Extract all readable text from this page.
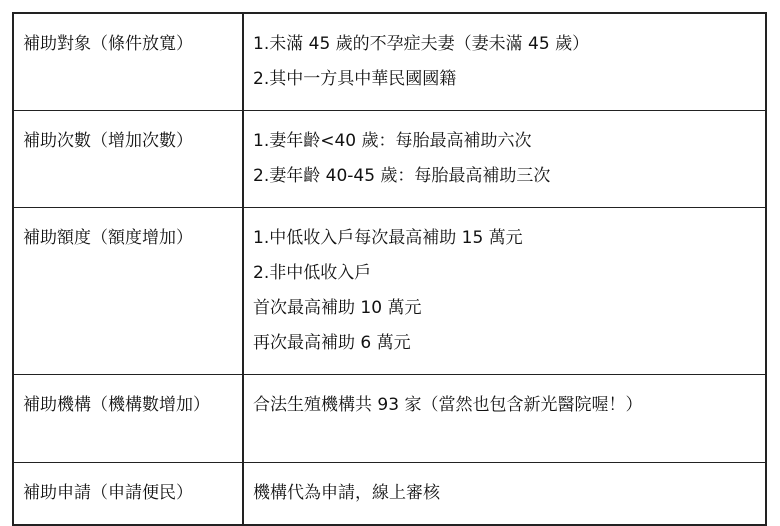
補助對象（條件放寬）	1.未滿 45 歲的不孕症夫妻（妻未滿 45 歲）
2.其中一方具中華民國國籍

補助次數（增加次數）	1.妻年齡<40 歲：每胎最高補助六次
2.妻年齡 40-45 歲：每胎最高補助三次

補助額度（額度增加）	1.中低收入戶每次最高補助 15 萬元
2.非中低收入戶
首次最高補助 10 萬元
再次最高補助 6 萬元

補助機構（機構數增加）	合法生殖機構共 93 家（當然也包含新光醫院喔！）

補助申請（申請便民）	機構代為申請，線上審核
